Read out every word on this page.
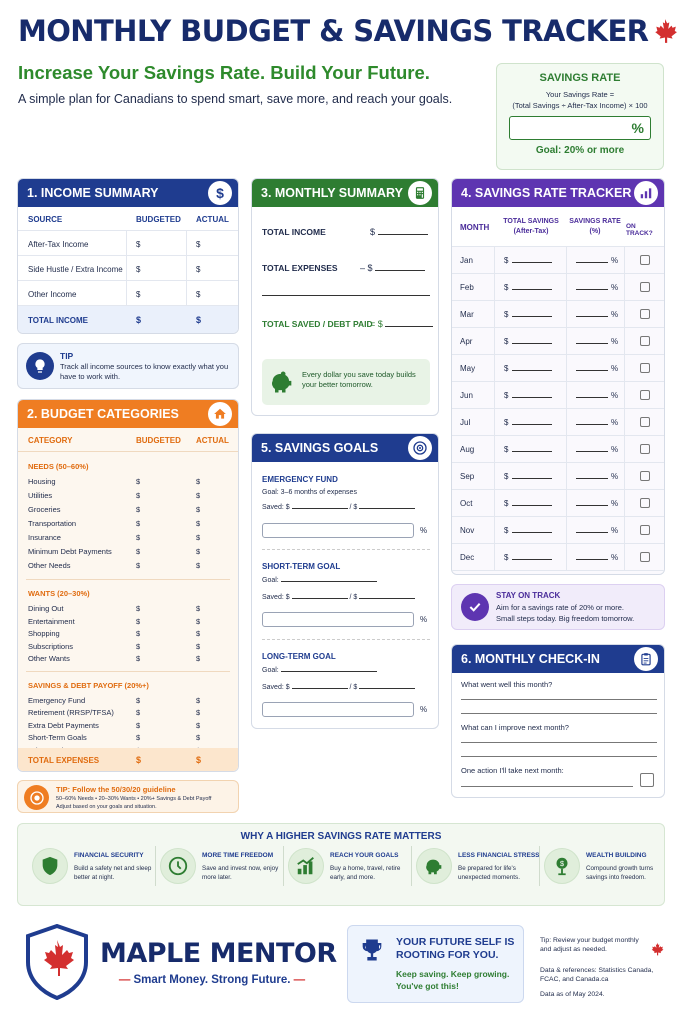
MONTHLY BUDGET & SAVINGS TRACKER
Increase Your Savings Rate. Build Your Future.
A simple plan for Canadians to spend smart, save more, and reach your goals.
SAVINGS RATE
Your Savings Rate =
(Total Savings ÷ After-Tax Income) × 100
%
Goal: 20% or more
1. INCOME SUMMARY	$
SOURCE	BUDGETED ACTUAL
After-Tax Income	$	$
Side Hustle / Extra Income $	$
Other Income	$	$
TOTAL INCOME	$	$
TIP
Track all income sources to know exactly what you have to work with.
2. BUDGET CATEGORIES
CATEGORY	BUDGETED ACTUAL
NEEDS (50–60%)
Housing	$	$
Utilities	$	$
Groceries	$	$
Transportation	$	$
Insurance	$	$
Minimum Debt Payments	$	$
Other Needs	$	$
WANTS (20–30%)
Dining Out	$	$
Entertainment	$	$
Shopping	$	$
Subscriptions	$	$
Other Wants	$	$
SAVINGS & DEBT PAYOFF (20%+)
Emergency Fund	$	$
Retirement (RRSP/TFSA)	$	$
Extra Debt Payments	$	$
Short-Term Goals	$	$
TOTAL EXPENSES	$	$
TIP: Follow the 50/30/20 guideline
50–60% Needs • 20–30% Wants • 20%+ Savings & Debt Payoff
Adjust based on your goals and situation.
3. MONTHLY SUMMARY
TOTAL INCOME	$
TOTAL EXPENSES – $
TOTAL SAVED / DEBT PAID
= $
Every dollar you save today builds your better tomorrow.
5. SAVINGS GOALS
EMERGENCY FUND
Goal: 3–6 months of expenses
Saved: $	/ $
%
SHORT-TERM GOAL
Goal:
Saved: $	/ $
%
LONG-TERM GOAL
Goal:
Saved: $	/ $
%
4. SAVINGS RATE TRACKER
MONTH
TOTAL SAVINGS (After-Tax)
SAVINGS RATE (%)
ON TRACK?
Jan	$	%
Feb	$	%
Mar	$	%
Apr	$	%
May	$	%
Jun	$	%
Jul	$	%
Aug	$	%
Sep	$	%
Oct	$	%
Nov	$	%
Dec	$	%
STAY ON TRACK
Aim for a savings rate of 20% or more.
Small steps today. Big freedom tomorrow.
6. MONTHLY CHECK-IN
What went well this month?
What can I improve next month?
One action I'll take next month:
WHY A HIGHER SAVINGS RATE MATTERS
FINANCIAL SECURITY
Build a safety net and sleep better at night.
MORE TIME FREEDOM
Save and invest now, enjoy more later.
REACH YOUR GOALS
Buy a home, travel, retire early, and more.
LESS FINANCIAL STRESS
Be prepared for life's unexpected moments.
$
WEALTH BUILDING
Compound growth turns savings into freedom.
MAPLE MENTOR
— Smart Money. Strong Future. —
YOUR FUTURE SELF IS ROOTING FOR YOU.
Keep saving. Keep growing. You've got this!
Tip: Review your budget monthly and adjust as needed.
Data & references: Statistics Canada, FCAC, and Canada.ca
Data as of May 2024.
